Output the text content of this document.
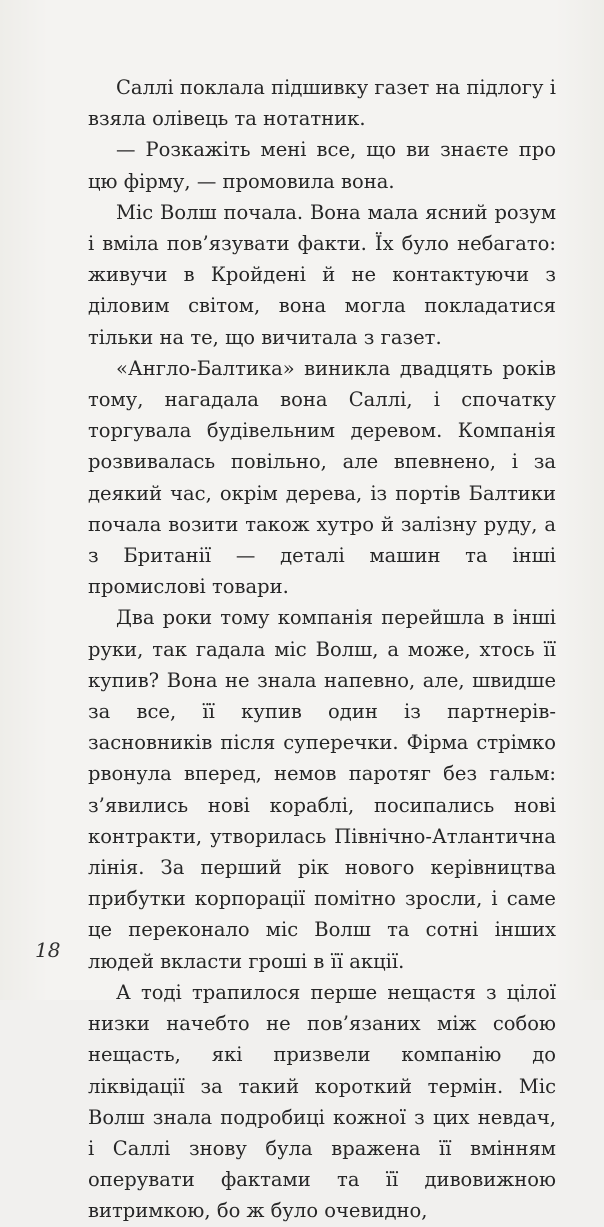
Саллі поклала підшивку газет на підлогу і взяла олівець та нотатник.

— Розкажіть мені все, що ви знаєте про цю фірму, — промовила вона.

Міс Волш почала. Вона мала ясний розум і вміла пов’язувати факти. Їх було небагато: живучи в Кройдені й не контактуючи з діловим світом, вона могла покладатися тільки на те, що вичитала з газет.

«Англо-Балтика» виникла двадцять років тому, нагадала вона Саллі, і спочатку торгувала будівельним деревом. Компанія розвивалась повільно, але впевнено, і за деякий час, окрім дерева, із портів Балтики почала возити також хутро й залізну руду, а з Британії — деталі машин та інші промислові товари.

Два роки тому компанія перейшла в інші руки, так гадала міс Волш, а може, хтось її купив? Вона не знала напевно, але, швидше за все, її купив один із партнерів-засновників після суперечки. Фірма стрімко рвонула вперед, немов паротяг без гальм: з’явились нові кораблі, посипались нові контракти, утворилась Північно-Атлантична лінія. За перший рік нового керівництва прибутки корпорації помітно зросли, і саме це переконало міс Волш та сотні інших людей вкласти гроші в її акції.

А тоді трапилося перше нещастя з цілої низки начебто не пов’язаних між собою нещасть, які призвели компанію до ліквідації за такий короткий термін. Міс Волш знала подробиці кожної з цих невдач, і Саллі знову була вражена її вмінням оперувати фактами та її дивовижною витримкою, бо ж було очевидно,

18
